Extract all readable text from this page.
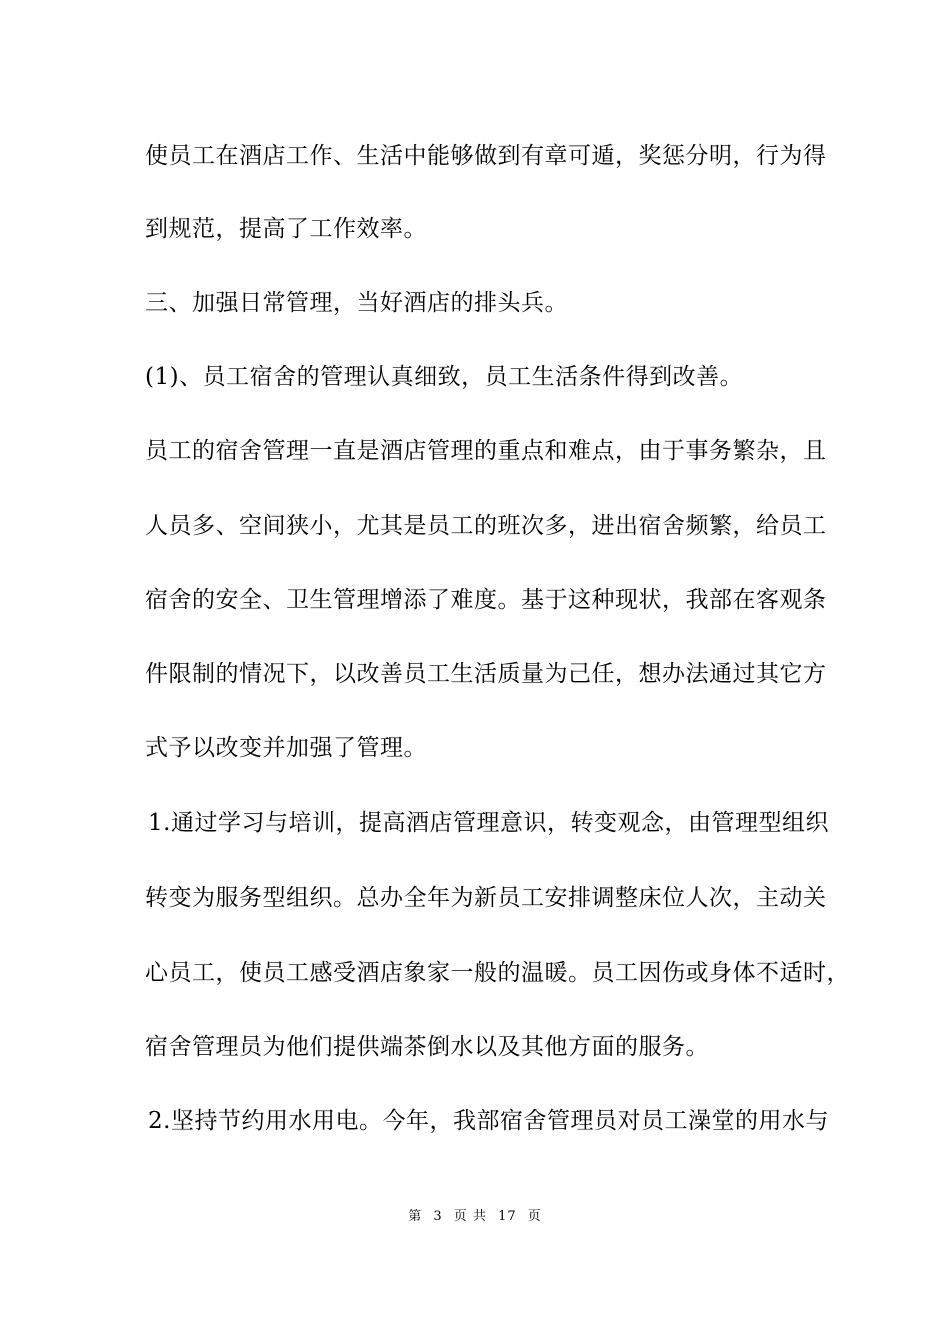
使员工在酒店工作、生活中能够做到有章可遁，奖惩分明，行为得
到规范，提高了工作效率。
三、加强日常管理，当好酒店的排头兵。
(1)、员工宿舍的管理认真细致，员工生活条件得到改善。
员工的宿舍管理一直是酒店管理的重点和难点，由于事务繁杂，且
人员多、空间狭小，尤其是员工的班次多，进出宿舍频繁，给员工
宿舍的安全、卫生管理增添了难度。基于这种现状，我部在客观条
件限制的情况下，以改善员工生活质量为己任，想办法通过其它方
式予以改变并加强了管理。
1.通过学习与培训，提高酒店管理意识，转变观念，由管理型组织
转变为服务型组织。总办全年为新员工安排调整床位人次，主动关
心员工，使员工感受酒店象家一般的温暖。员工因伤或身体不适时，
宿舍管理员为他们提供端茶倒水以及其他方面的服务。
2.坚持节约用水用电。今年，我部宿舍管理员对员工澡堂的用水与
第 3 页 共 17 页
